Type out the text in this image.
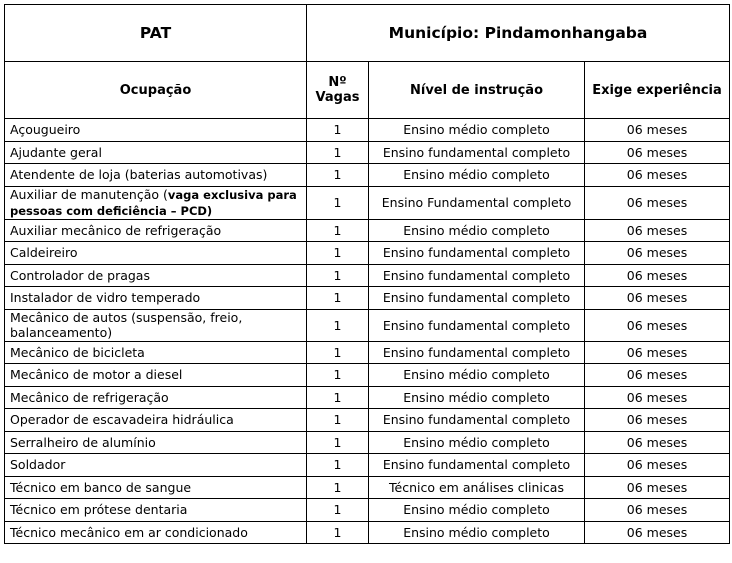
PAT	Município: Pindamonhangaba		
Ocupação	Nº Vagas	Nível de instrução	Exige experiência
Açougueiro	1	Ensino médio completo	06 meses
Ajudante geral	1	Ensino fundamental completo	06 meses
Atendente de loja (baterias automotivas)	1	Ensino médio completo	06 meses
Auxiliar de manutenção (vaga exclusiva para pessoas com deficiência – PCD)	1	Ensino Fundamental completo	06 meses
Auxiliar mecânico de refrigeração	1	Ensino médio completo	06 meses
Caldeireiro	1	Ensino fundamental completo	06 meses
Controlador de pragas	1	Ensino fundamental completo	06 meses
Instalador de vidro temperado	1	Ensino fundamental completo	06 meses
Mecânico de autos (suspensão, freio, balanceamento)	1	Ensino fundamental completo	06 meses
Mecânico de bicicleta	1	Ensino fundamental completo	06 meses
Mecânico de motor a diesel	1	Ensino médio completo	06 meses
Mecânico de refrigeração	1	Ensino médio completo	06 meses
Operador de escavadeira hidráulica	1	Ensino fundamental completo	06 meses
Serralheiro de alumínio	1	Ensino médio completo	06 meses
Soldador	1	Ensino fundamental completo	06 meses
Técnico em banco de sangue	1	Técnico em análises clinicas	06 meses
Técnico em prótese dentaria	1	Ensino médio completo	06 meses
Técnico mecânico em ar condicionado	1	Ensino médio completo	06 meses
